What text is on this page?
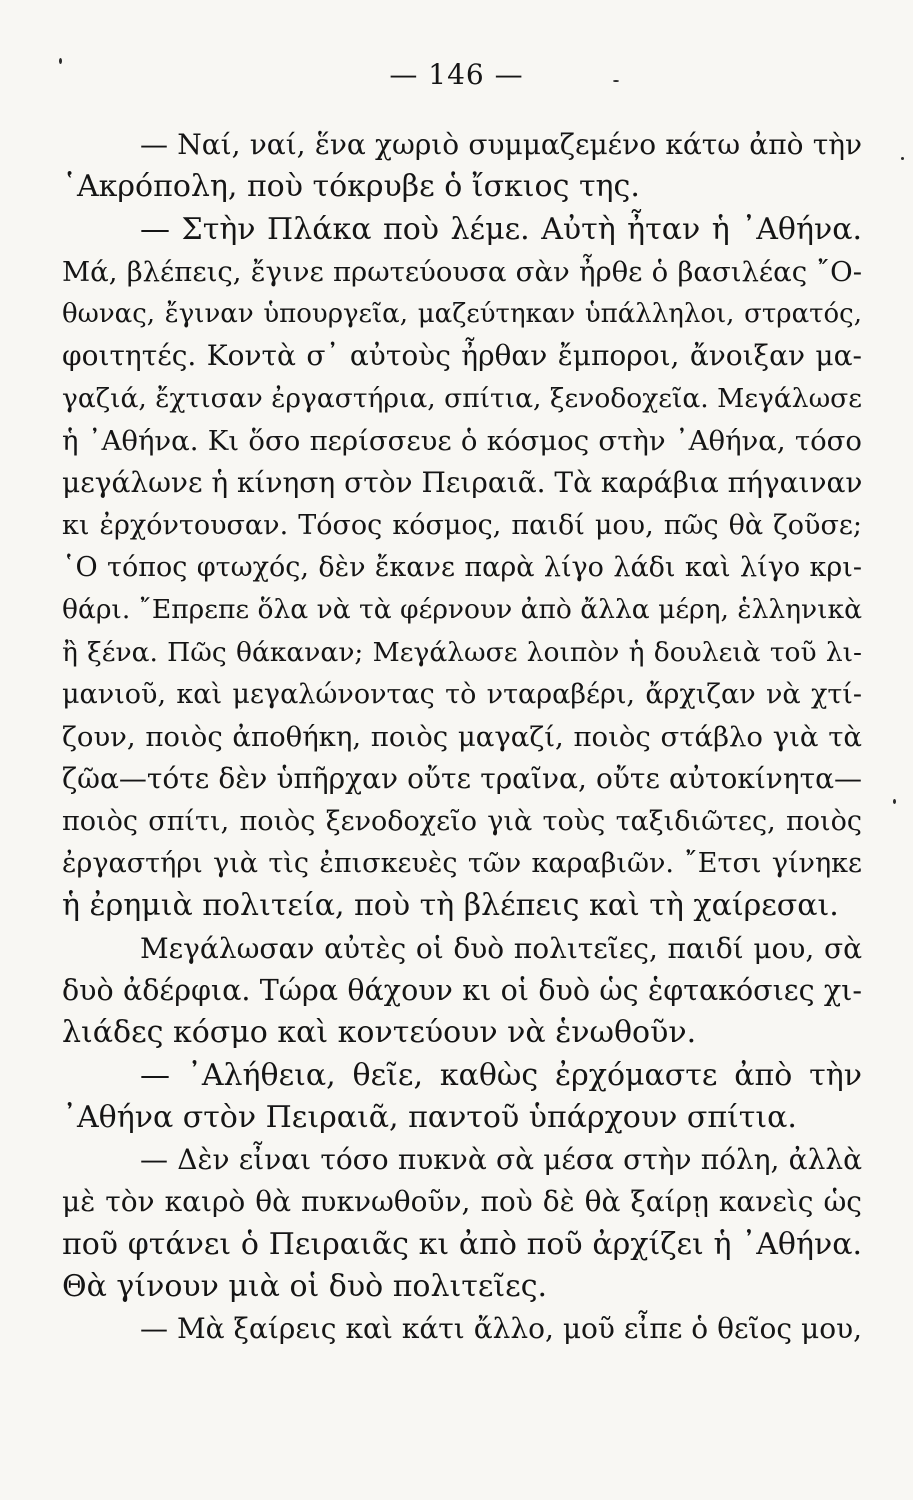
— 146 —
— Ναί, ναί, ἕνα χωριὸ συμμαζεμένο κάτω ἀπὸ τὴν
῾Ακρόπολη, ποὺ τόκρυβε ὁ ἴσκιος της.
— Στὴν Πλάκα ποὺ λέμε. Αὐτὴ ἦταν ἡ ᾿Αθήνα.
Μά, βλέπεις, ἔγινε πρωτεύουσα σὰν ἦρθε ὁ βασιλέας ῎Ο-
θωνας, ἔγιναν ὑπουργεῖα, μαζεύτηκαν ὑπάλληλοι, στρατός,
φοιτητές. Κοντὰ σ᾿ αὐτοὺς ἦρθαν ἔμποροι, ἄνοιξαν μα-
γαζιά, ἔχτισαν ἐργαστήρια, σπίτια, ξενοδοχεῖα. Μεγάλωσε
ἡ ᾿Αθήνα. Κι ὅσο περίσσευε ὁ κόσμος στὴν ᾿Αθήνα, τόσο
μεγάλωνε ἡ κίνηση στὸν Πειραιᾶ. Τὰ καράβια πήγαιναν
κι ἐρχόντουσαν. Τόσος κόσμος, παιδί μου, πῶς θὰ ζοῦσε;
῾Ο τόπος φτωχός, δὲν ἔκανε παρὰ λίγο λάδι καὶ λίγο κρι-
θάρι. ῎Επρεπε ὅλα νὰ τὰ φέρνουν ἀπὸ ἄλλα μέρη, ἑλληνικὰ
ἢ ξένα. Πῶς θάκαναν; Μεγάλωσε λοιπὸν ἡ δουλειὰ τοῦ λι-
μανιοῦ, καὶ μεγαλώνοντας τὸ νταραβέρι, ἄρχιζαν νὰ χτί-
ζουν, ποιὸς ἀποθήκη, ποιὸς μαγαζί, ποιὸς στάβλο γιὰ τὰ
ζῶα—τότε δὲν ὑπῆρχαν οὔτε τραῖνα, οὔτε αὐτοκίνητα—
ποιὸς σπίτι, ποιὸς ξενοδοχεῖο γιὰ τοὺς ταξιδιῶτες, ποιὸς
ἐργαστήρι γιὰ τὶς ἐπισκευὲς τῶν καραβιῶν. ῎Ετσι γίνηκε
ἡ ἐρημιὰ πολιτεία, ποὺ τὴ βλέπεις καὶ τὴ χαίρεσαι.
Μεγάλωσαν αὐτὲς οἱ δυὸ πολιτεῖες, παιδί μου, σὰ
δυὸ ἀδέρφια. Τώρα θάχουν κι οἱ δυὸ ὡς ἑφτακόσιες χι-
λιάδες κόσμο καὶ κοντεύουν νὰ ἑνωθοῦν.
— ᾿Αλήθεια, θεῖε, καθὼς ἐρχόμαστε ἀπὸ τὴν
᾿Αθήνα στὸν Πειραιᾶ, παντοῦ ὑπάρχουν σπίτια.
— Δὲν εἶναι τόσο πυκνὰ σὰ μέσα στὴν πόλη, ἀλλὰ
μὲ τὸν καιρὸ θὰ πυκνωθοῦν, ποὺ δὲ θὰ ξαίρῃ κανεὶς ὡς
ποῦ φτάνει ὁ Πειραιᾶς κι ἀπὸ ποῦ ἀρχίζει ἡ ᾿Αθήνα.
Θὰ γίνουν μιὰ οἱ δυὸ πολιτεῖες.
— Μὰ ξαίρεις καὶ κάτι ἄλλο, μοῦ εἶπε ὁ θεῖος μου,
